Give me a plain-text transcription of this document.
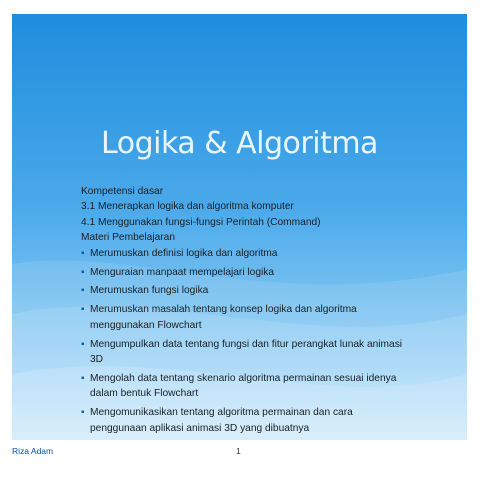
Logika & Algoritma
Kompetensi dasar
3.1 Menerapkan logika dan algoritma komputer
4.1 Menggunakan fungsi-fungsi Perintah (Command)
Materi Pembelajaran
▪ Merumuskan definisi logika dan algoritma
▪ Menguraian manpaat mempelajari logika
▪ Merumuskan fungsi logika
▪ Merumuskan masalah tentang konsep logika dan algoritma menggunakan Flowchart
▪ Mengumpulkan data tentang fungsi dan fitur perangkat lunak animasi 3D
▪ Mengolah data tentang skenario algoritma permainan sesuai idenya dalam bentuk Flowchart
▪ Mengomunikasikan tentang algoritma permainan dan cara penggunaan aplikasi animasi 3D yang dibuatnya
Riza Adam	1
